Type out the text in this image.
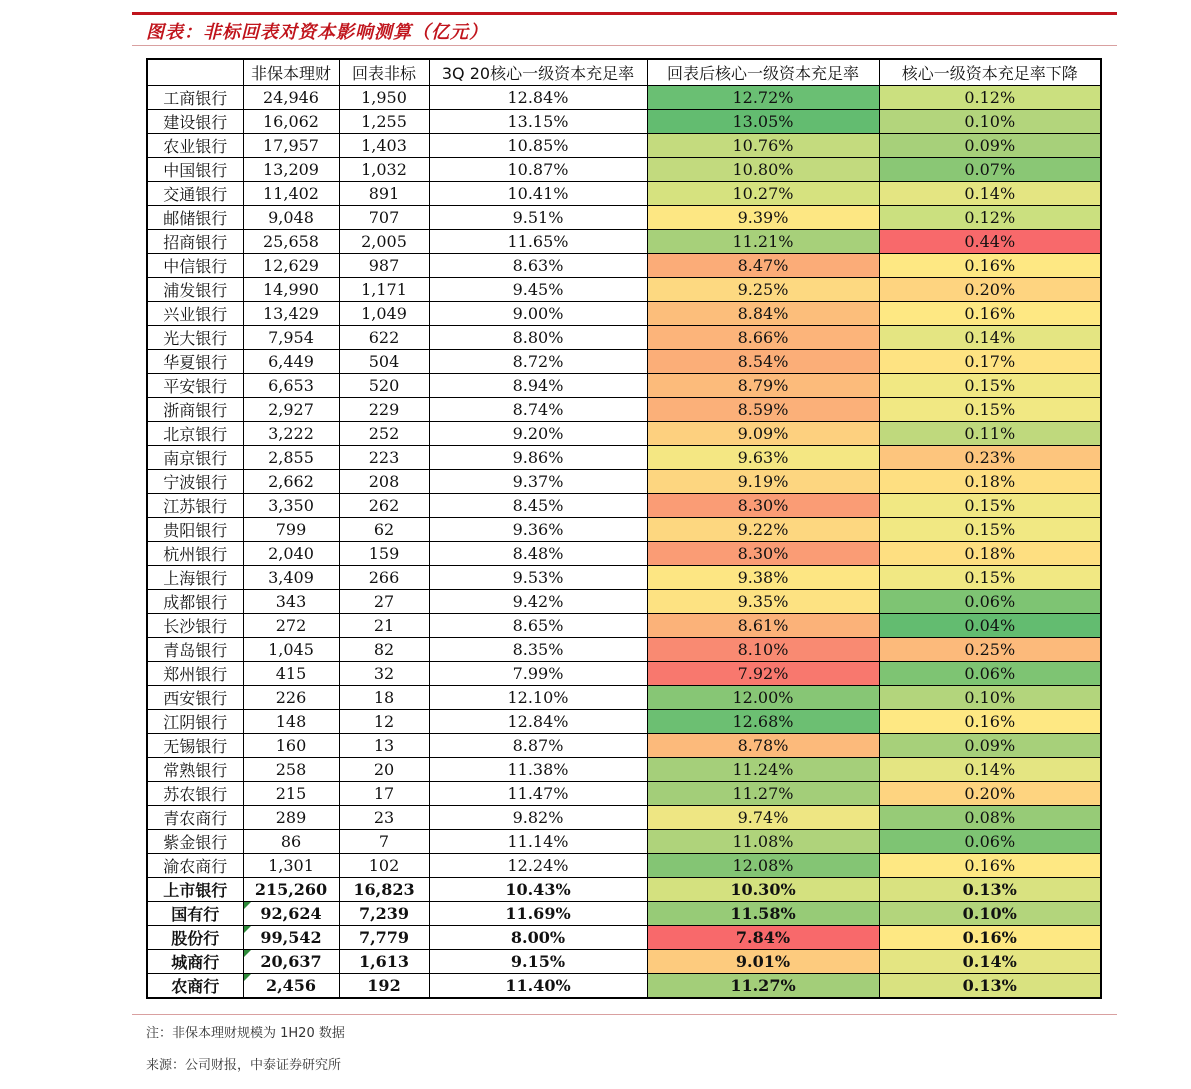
图表：非标回表对资本影响测算（亿元）
	非保本理财	回表非标	3Q 20核心一级资本充足率	回表后核心一级资本充足率	核心一级资本充足率下降
工商银行	24,946	1,950	12.84%	12.72%	0.12%
建设银行	16,062	1,255	13.15%	13.05%	0.10%
农业银行	17,957	1,403	10.85%	10.76%	0.09%
中国银行	13,209	1,032	10.87%	10.80%	0.07%
交通银行	11,402	891	10.41%	10.27%	0.14%
邮储银行	9,048	707	9.51%	9.39%	0.12%
招商银行	25,658	2,005	11.65%	11.21%	0.44%
中信银行	12,629	987	8.63%	8.47%	0.16%
浦发银行	14,990	1,171	9.45%	9.25%	0.20%
兴业银行	13,429	1,049	9.00%	8.84%	0.16%
光大银行	7,954	622	8.80%	8.66%	0.14%
华夏银行	6,449	504	8.72%	8.54%	0.17%
平安银行	6,653	520	8.94%	8.79%	0.15%
浙商银行	2,927	229	8.74%	8.59%	0.15%
北京银行	3,222	252	9.20%	9.09%	0.11%
南京银行	2,855	223	9.86%	9.63%	0.23%
宁波银行	2,662	208	9.37%	9.19%	0.18%
江苏银行	3,350	262	8.45%	8.30%	0.15%
贵阳银行	799	62	9.36%	9.22%	0.15%
杭州银行	2,040	159	8.48%	8.30%	0.18%
上海银行	3,409	266	9.53%	9.38%	0.15%
成都银行	343	27	9.42%	9.35%	0.06%
长沙银行	272	21	8.65%	8.61%	0.04%
青岛银行	1,045	82	8.35%	8.10%	0.25%
郑州银行	415	32	7.99%	7.92%	0.06%
西安银行	226	18	12.10%	12.00%	0.10%
江阴银行	148	12	12.84%	12.68%	0.16%
无锡银行	160	13	8.87%	8.78%	0.09%
常熟银行	258	20	11.38%	11.24%	0.14%
苏农银行	215	17	11.47%	11.27%	0.20%
青农商行	289	23	9.82%	9.74%	0.08%
紫金银行	86	7	11.14%	11.08%	0.06%
渝农商行	1,301	102	12.24%	12.08%	0.16%
上市银行	215,260	16,823	10.43%	10.30%	0.13%
国有行	92,624	7,239	11.69%	11.58%	0.10%
股份行	99,542	7,779	8.00%	7.84%	0.16%
城商行	20,637	1,613	9.15%	9.01%	0.14%
农商行	2,456	192	11.40%	11.27%	0.13%
注：非保本理财规模为 1H20 数据
来源：公司财报，中泰证券研究所
